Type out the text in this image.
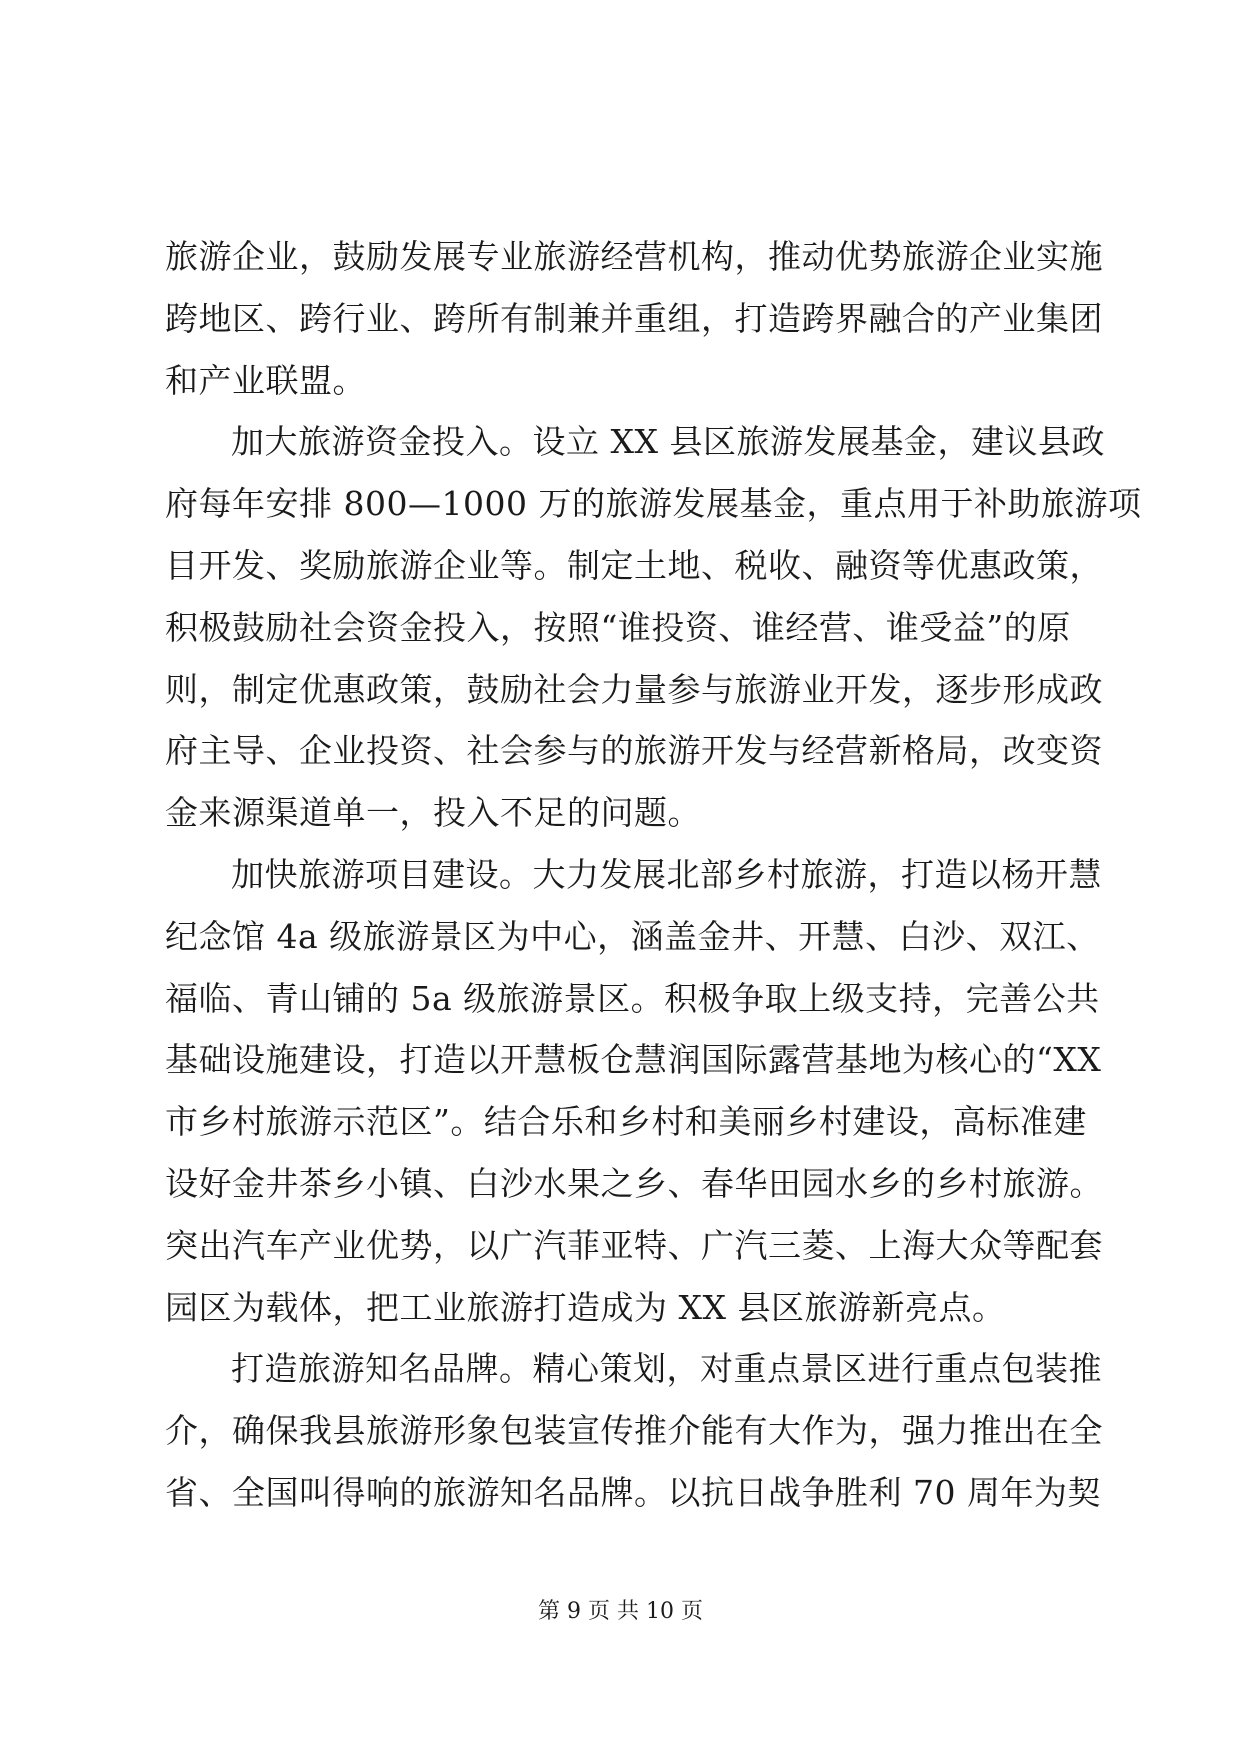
旅游企业，鼓励发展专业旅游经营机构，推动优势旅游企业实施
跨地区、跨行业、跨所有制兼并重组，打造跨界融合的产业集团
和产业联盟。
加大旅游资金投入。设立 XX 县区旅游发展基金，建议县政
府每年安排 800—1000 万的旅游发展基金，重点用于补助旅游项
目开发、奖励旅游企业等。制定土地、税收、融资等优惠政策，
积极鼓励社会资金投入，按照“谁投资、谁经营、谁受益”的原
则，制定优惠政策，鼓励社会力量参与旅游业开发，逐步形成政
府主导、企业投资、社会参与的旅游开发与经营新格局，改变资
金来源渠道单一，投入不足的问题。
加快旅游项目建设。大力发展北部乡村旅游，打造以杨开慧
纪念馆 4a 级旅游景区为中心，涵盖金井、开慧、白沙、双江、
福临、青山铺的 5a 级旅游景区。积极争取上级支持，完善公共
基础设施建设，打造以开慧板仓慧润国际露营基地为核心的“XX
市乡村旅游示范区”。结合乐和乡村和美丽乡村建设，高标准建
设好金井茶乡小镇、白沙水果之乡、春华田园水乡的乡村旅游。
突出汽车产业优势，以广汽菲亚特、广汽三菱、上海大众等配套
园区为载体，把工业旅游打造成为 XX 县区旅游新亮点。
打造旅游知名品牌。精心策划，对重点景区进行重点包装推
介，确保我县旅游形象包装宣传推介能有大作为，强力推出在全
省、全国叫得响的旅游知名品牌。以抗日战争胜利 70 周年为契
第 9 页 共 10 页
